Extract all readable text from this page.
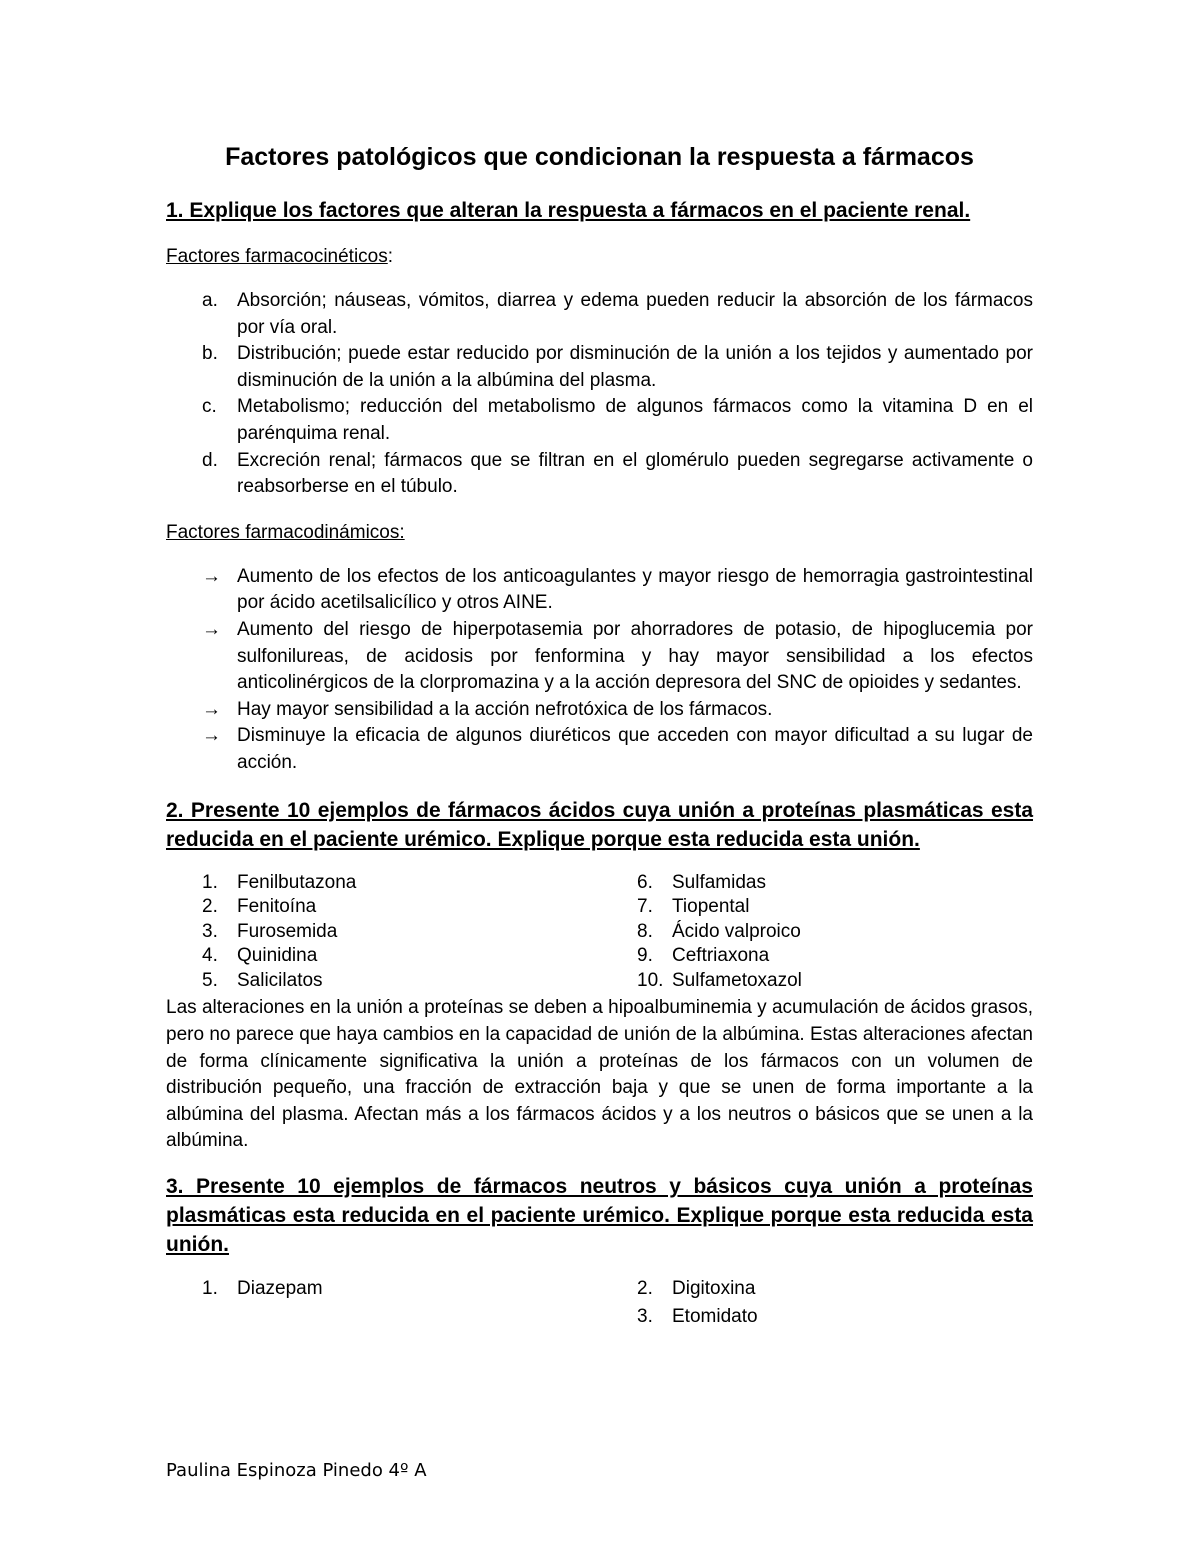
Factores patológicos que condicionan la respuesta a fármacos

1. Explique los factores que alteran la respuesta a fármacos en el paciente renal.

Factores farmacocinéticos:
a. Absorción; náuseas, vómitos, diarrea y edema pueden reducir la absorción de los fármacos por vía oral.
b. Distribución; puede estar reducido por disminución de la unión a los tejidos y aumentado por disminución de la unión a la albúmina del plasma.
c. Metabolismo; reducción del metabolismo de algunos fármacos como la vitamina D en el parénquima renal.
d. Excreción renal; fármacos que se filtran en el glomérulo pueden segregarse activamente o reabsorberse en el túbulo.
Factores farmacodinámicos:
→ Aumento de los efectos de los anticoagulantes y mayor riesgo de hemorragia gastrointestinal por ácido acetilsalicílico y otros AINE.
→ Aumento del riesgo de hiperpotasemia por ahorradores de potasio, de hipoglucemia por sulfonilureas, de acidosis por fenformina y hay mayor sensibilidad a los efectos anticolinérgicos de la clorpromazina y a la acción depresora del SNC de opioides y sedantes.
→ Hay mayor sensibilidad a la acción nefrotóxica de los fármacos.
→ Disminuye la eficacia de algunos diuréticos que acceden con mayor dificultad a su lugar de acción.

2. Presente 10 ejemplos de fármacos ácidos cuya unión a proteínas plasmáticas esta reducida en el paciente urémico. Explique porque esta reducida esta unión.

1. Fenilbutazona
2. Fenitoína
3. Furosemida
4. Quinidina
5. Salicilatos
6. Sulfamidas
7. Tiopental
8. Ácido valproico
9. Ceftriaxona
10. Sulfametoxazol

Las alteraciones en la unión a proteínas se deben a hipoalbuminemia y acumulación de ácidos grasos, pero no parece que haya cambios en la capacidad de unión de la albúmina. Estas alteraciones afectan de forma clínicamente significativa la unión a proteínas de los fármacos con un volumen de distribución pequeño, una fracción de extracción baja y que se unen de forma importante a la albúmina del plasma. Afectan más a los fármacos ácidos y a los neutros o básicos que se unen a la albúmina.

3. Presente 10 ejemplos de fármacos neutros y básicos cuya unión a proteínas plasmáticas esta reducida en el paciente urémico. Explique porque esta reducida esta unión.

1. Diazepam	2. Digitoxina
3. Etomidato
Paulina Espinoza Pinedo 4º A
